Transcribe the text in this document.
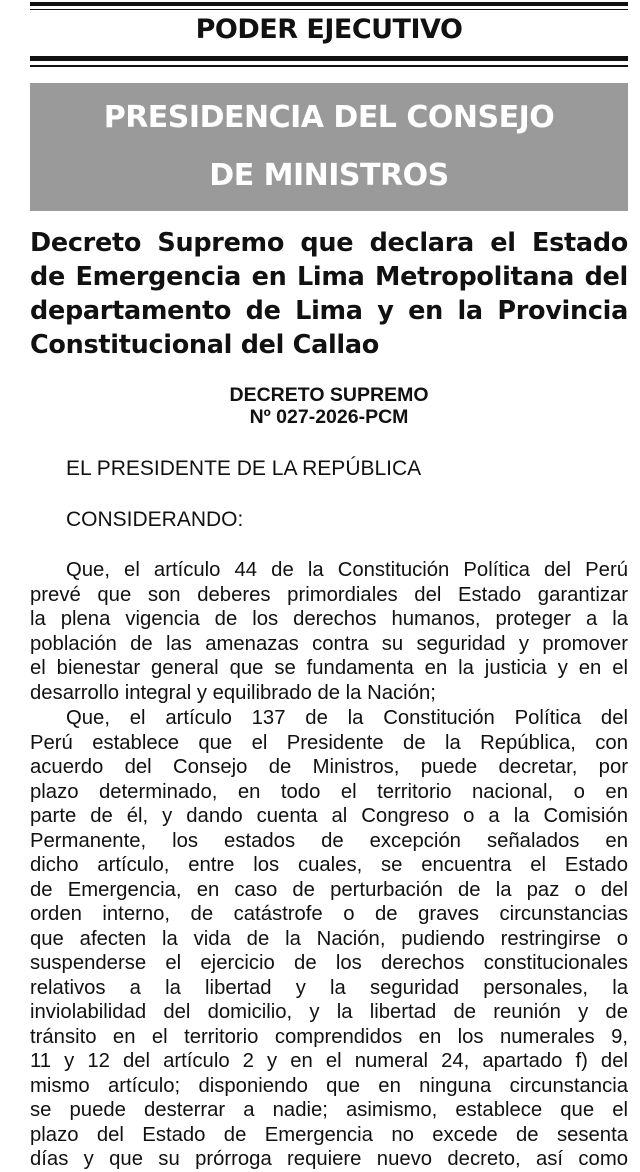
PODER EJECUTIVO
PRESIDENCIA DEL CONSEJO
DE MINISTROS
Decreto Supremo que declara el Estado
de Emergencia en Lima Metropolitana del
departamento de Lima y en la Provincia
Constitucional del Callao
DECRETO SUPREMO
Nº 027-2026-PCM
EL PRESIDENTE DE LA REPÚBLICA
CONSIDERANDO:
Que, el artículo 44 de la Constitución Política del Perú
prevé que son deberes primordiales del Estado garantizar
la plena vigencia de los derechos humanos, proteger a la
población de las amenazas contra su seguridad y promover
el bienestar general que se fundamenta en la justicia y en el
desarrollo integral y equilibrado de la Nación;
Que, el artículo 137 de la Constitución Política del
Perú establece que el Presidente de la República, con
acuerdo del Consejo de Ministros, puede decretar, por
plazo determinado, en todo el territorio nacional, o en
parte de él, y dando cuenta al Congreso o a la Comisión
Permanente, los estados de excepción señalados en
dicho artículo, entre los cuales, se encuentra el Estado
de Emergencia, en caso de perturbación de la paz o del
orden interno, de catástrofe o de graves circunstancias
que afecten la vida de la Nación, pudiendo restringirse o
suspenderse el ejercicio de los derechos constitucionales
relativos a la libertad y la seguridad personales, la
inviolabilidad del domicilio, y la libertad de reunión y de
tránsito en el territorio comprendidos en los numerales 9,
11 y 12 del artículo 2 y en el numeral 24, apartado f) del
mismo artículo; disponiendo que en ninguna circunstancia
se puede desterrar a nadie; asimismo, establece que el
plazo del Estado de Emergencia no excede de sesenta
días y que su prórroga requiere nuevo decreto, así como
